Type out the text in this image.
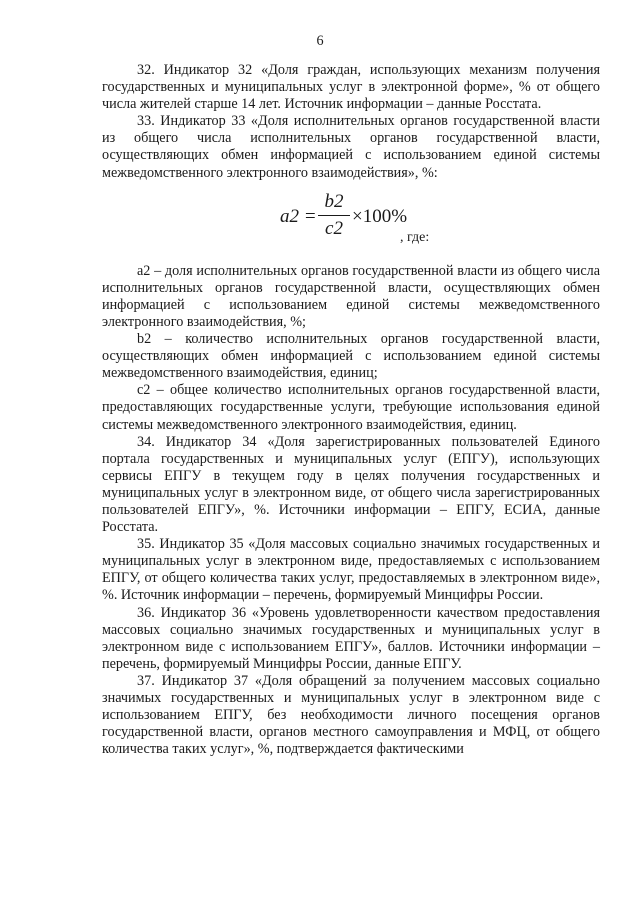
6

32. Индикатор 32 «Доля граждан, использующих механизм получения государственных и муниципальных услуг в электронной форме», % от общего числа жителей старше 14 лет. Источник информации – данные Росстата.

33. Индикатор 33 «Доля исполнительных органов государственной власти из общего числа исполнительных органов государственной власти, осуществляющих обмен информацией с использованием единой системы межведомственного электронного взаимодействия», %:

a2 =
b2
c2
×100%
, где:

a2 – доля исполнительных органов государственной власти из общего числа исполнительных органов государственной власти, осуществляющих обмен информацией с использованием единой системы межведомственного электронного взаимодействия, %;

b2 – количество исполнительных органов государственной власти, осуществляющих обмен информацией с использованием единой системы межведомственного взаимодействия, единиц;

c2 – общее количество исполнительных органов государственной власти, предоставляющих государственные услуги, требующие использования единой системы межведомственного электронного взаимодействия, единиц.

34. Индикатор 34 «Доля зарегистрированных пользователей Единого портала государственных и муниципальных услуг (ЕПГУ), использующих сервисы ЕПГУ в текущем году в целях получения государственных и муниципальных услуг в электронном виде, от общего числа зарегистрированных пользователей ЕПГУ», %. Источники информации – ЕПГУ, ЕСИА, данные Росстата.

35. Индикатор 35 «Доля массовых социально значимых государственных и муниципальных услуг в электронном виде, предоставляемых с использованием ЕПГУ, от общего количества таких услуг, предоставляемых в электронном виде», %. Источник информации – перечень, формируемый Минцифры России.

36. Индикатор 36 «Уровень удовлетворенности качеством предоставления массовых социально значимых государственных и муниципальных услуг в электронном виде с использованием ЕПГУ», баллов. Источники информации – перечень, формируемый Минцифры России, данные ЕПГУ.

37. Индикатор 37 «Доля обращений за получением массовых социально значимых государственных и муниципальных услуг в электронном виде с использованием ЕПГУ, без необходимости личного посещения органов государственной власти, органов местного самоуправления и МФЦ, от общего количества таких услуг», %, подтверждается фактическими
